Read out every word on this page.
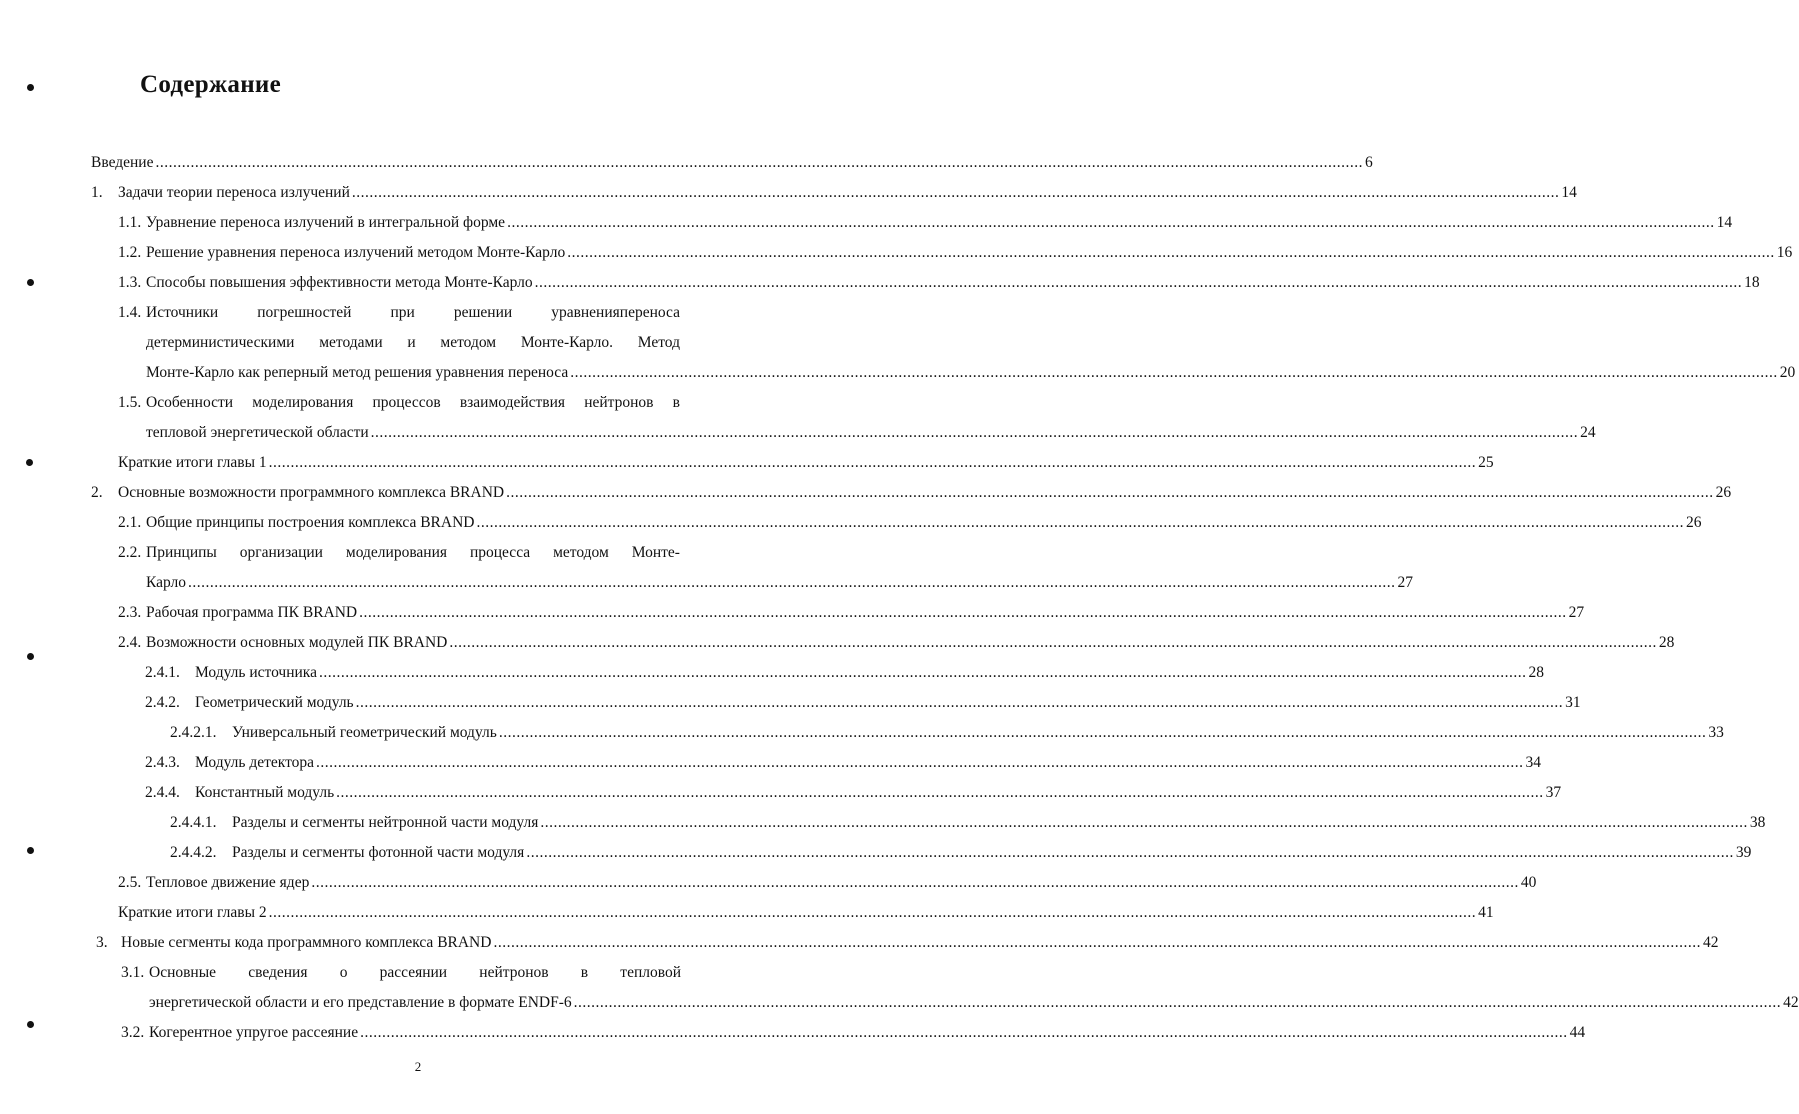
Содержание
Введение .....	6
1. Задачи теории переноса излучений .....	14
1.1. Уравнение переноса излучений в интегральной форме .....	14
1.2. Решение уравнения переноса излучений методом Монте-Карло .....	16
1.3. Способы повышения эффективности метода Монте-Карло .....	18
1.4. Источники	погрешностей	при	решении	уравненияпереноса
детерминистическими методами и методом Монте-Карло. Метод
Монте-Карло как реперный метод решения уравнения переноса .....	20
1.5. Особенности моделирования процессов взаимодействия нейтронов в
тепловой энергетической области .....	24
Краткие итоги главы 1 .....	25
2. Основные возможности программного комплекса BRAND .....	26
2.1. Общие принципы построения комплекса BRAND .....	26
2.2. Принципы организации моделирования процесса методом Монте-
Карло .....	27
2.3. Рабочая программа ПК BRAND .....	27
2.4. Возможности основных модулей ПК BRAND .....	28
2.4.1. Модуль источника .....	28
2.4.2. Геометрический модуль .....	31
2.4.2.1.	Универсальный геометрический модуль .....	33
2.4.3. Модуль детектора .....	34
2.4.4. Константный модуль .....	37
2.4.4.1.	Разделы и сегменты нейтронной части модуля .....	38
2.4.4.2.	Разделы и сегменты фотонной части модуля .....	39
2.5. Тепловое движение ядер .....	40
Краткие итоги главы 2 .....	41
3. Новые сегменты кода программного комплекса BRAND .....	42
3.1. Основные сведения о рассеянии нейтронов в тепловой
энергетической области и его представление в формате ENDF-6 .....	42
3.2. Когерентное упругое рассеяние .....	44
2
